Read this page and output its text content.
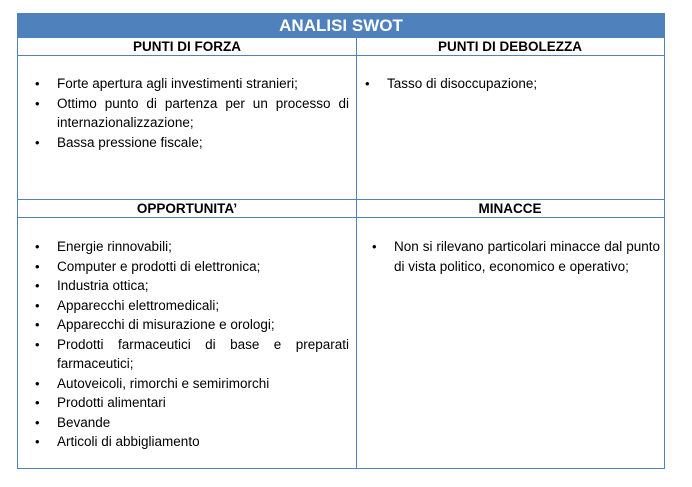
ANALISI SWOT
PUNTI DI FORZA	PUNTI DI DEBOLEZZA
• Forte apertura agli investimenti stranieri;
• Ottimo punto di partenza per un processo di internazionalizzazione;
• Bassa pressione fiscale;
• Tasso di disoccupazione;
OPPORTUNITA’	MINACCE
• Energie rinnovabili;
• Computer e prodotti di elettronica;
• Industria ottica;
• Apparecchi elettromedicali;
• Apparecchi di misurazione e orologi;
• Prodotti farmaceutici di base e preparati farmaceutici;
• Autoveicoli, rimorchi e semirimorchi
• Prodotti alimentari
• Bevande
• Articoli di abbigliamento
• Non si rilevano particolari minacce dal punto di vista politico, economico e operativo;
